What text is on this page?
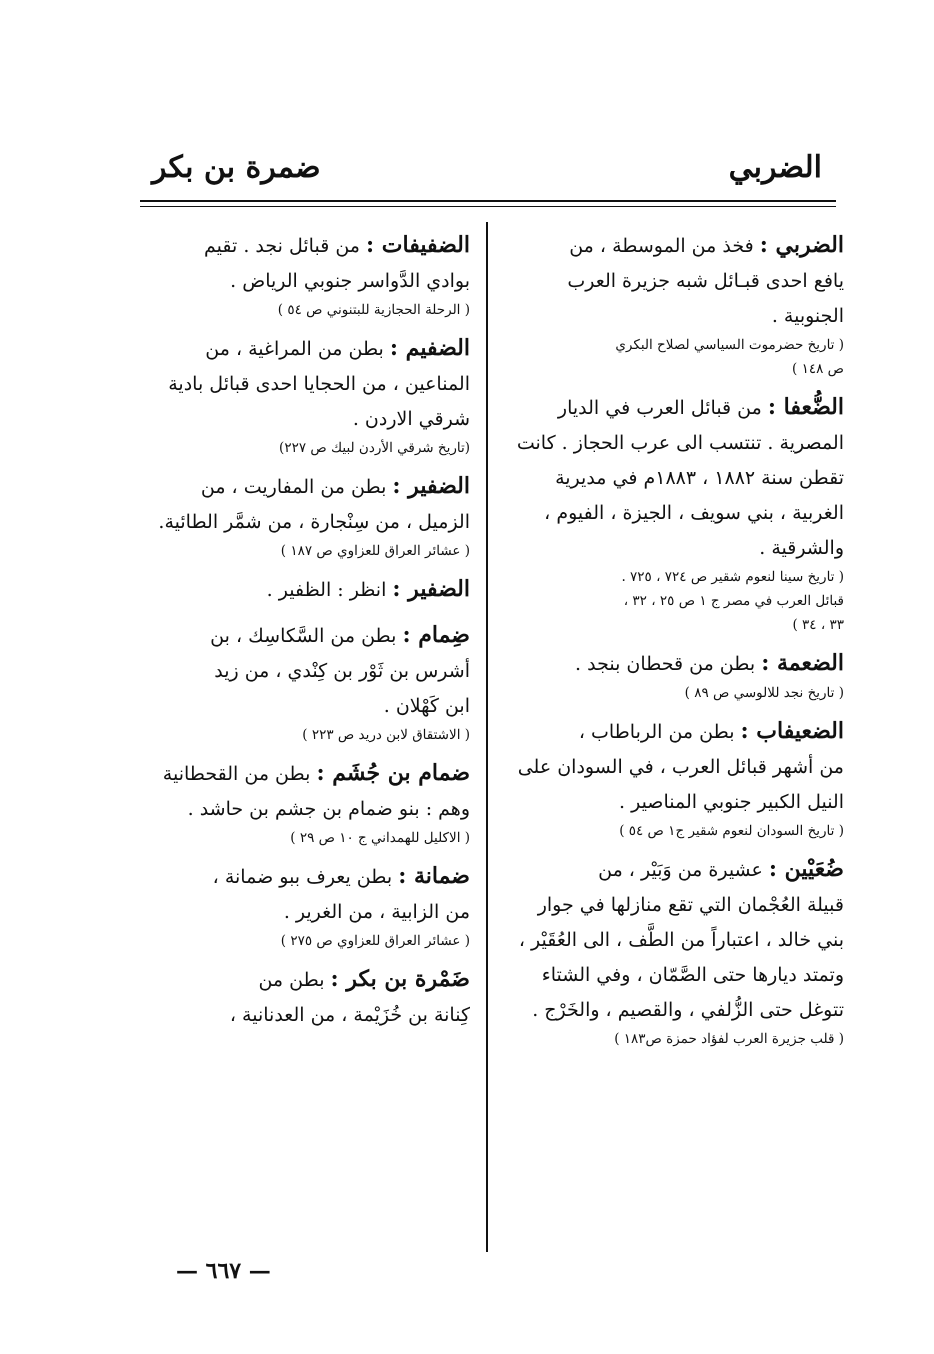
الضربي
ضمرة بن بكر

الضربي : فخذ من الموسطة ، من

يافع احدى قبـائل شبه جزيرة العرب

الجنوبية .

( تاريخ حضرموت السياسي لصلاح البكري

ص ١٤٨ )

الضُّعفا : من قبائل العرب في الديار

المصرية . تنتسب الى عرب الحجاز . كانت

تقطن سنة ١٨٨٢ ، ١٨٨٣م في مديرية

الغربية ، بني سويف ، الجيزة ، الفيوم ،

والشرقية .

( تاريخ سينا لنعوم شقير ص ٧٢٤ ، ٧٢٥ .

قبائل العرب في مصر ج ١ ص ٢٥ ، ٣٢ ،

٣٣ ، ٣٤ )

الضعمة : بطن من قحطان بنجد .

( تاريخ نجد للالوسي ص ٨٩ )

الضعيفاب : بطن من الرباطاب ،

من أشهر قبائل العرب ، في السودان على

النيل الكبير جنوبي المناصير .

( تاريخ السودان لنعوم شقير ج١ ص ٥٤ )

ضُعَيْين : عشيرة من وَبَيْر ، من

قبيلة العُجْمان التي تقع منازلها في جوار

بني خالد ، اعتباراً من الطَّف ، الى العُقَيْر ،

وتمتد ديارها حتى الصَّمّان ، وفي الشتاء

تتوغل حتى الزُّلفي ، والقصيم ، والخَرْج .

( قلب جزيرة العرب لفؤاد حمزة ص١٨٣ )

الضفيفات : من قبائل نجد . تقيم

بوادي الدَّواسر جنوبي الرياض .

( الرحلة الحجازية للبتنوني ص ٥٤ )

الضفيم : بطن من المراغية ، من

المناعين ، من الحجايا احدى قبائل بادية

شرقي الاردن .

(تاريخ شرقي الأردن لبيك ص ٢٢٧)

الضفير : بطن من المفاريت ، من

الزميل ، من سِنْجارة ، من شمَّر الطائية.

( عشائر العراق للعزاوي ص ١٨٧ )

الضفير : انظر : الظفير .

ضِمام : بطن من السَّكاسِك ، بن

أشرس بن ثَوْر بن كِنْدي ، من زيد

ابن كَهْلان .

( الاشتقاق لابن دريد ص ٢٢٣ )

ضمام بن جُشَم : بطن من القحطانية

وهم : بنو ضمام بن جشم بن حاشد .

( الاكليل للهمداني ج ١٠ ص ٢٩ )

ضمانة : بطن يعرف ببو ضمانة ،

من الزابية ، من الغرير .

( عشائر العراق للعزاوي ص ٢٧٥ )

ضَمْرة بن بكر : بطن من

كِنانة بن خُزَيْمة ، من العدنانية ،

— ٦٦٧ —
